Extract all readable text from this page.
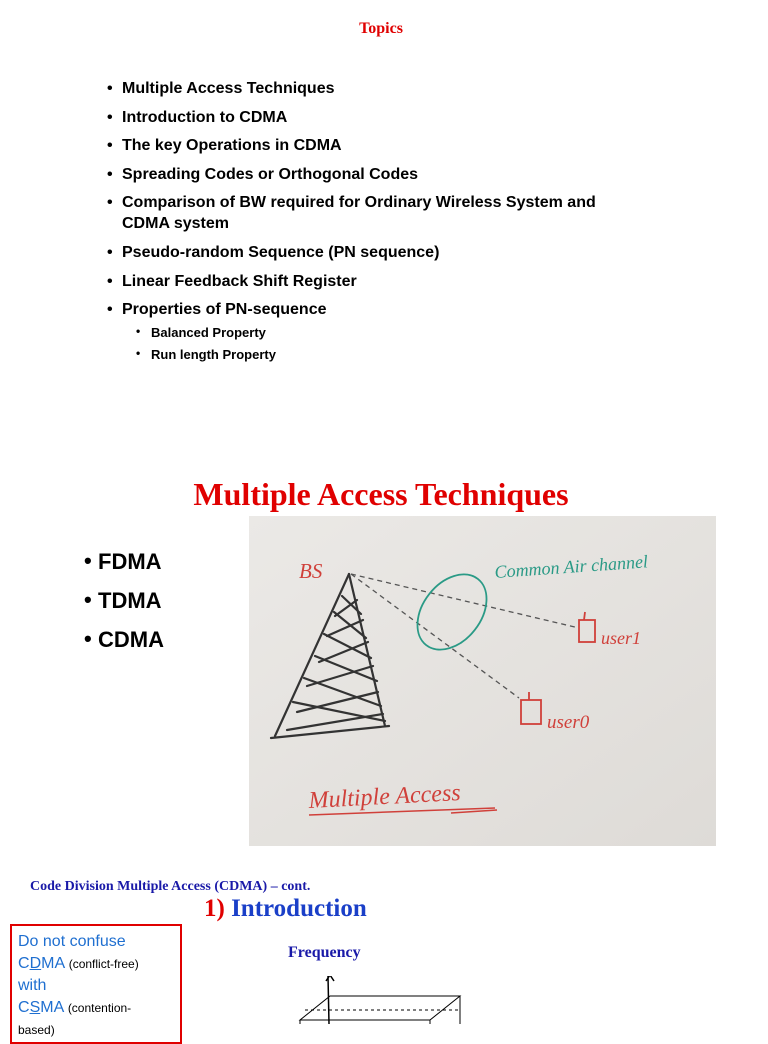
Topics
• Multiple Access Techniques
• Introduction to CDMA
• The key Operations in CDMA
• Spreading Codes or Orthogonal Codes
• Comparison of BW required for Ordinary Wireless System and CDMA system
• Pseudo-random Sequence (PN sequence)
• Linear Feedback Shift Register
• Properties of PN-sequence
• Balanced Property
• Run length Property
Multiple Access Techniques
• FDMA
• TDMA
• CDMA
BS	Common Air channel
user1
user0
Multiple Access
Code Division Multiple Access (CDMA) – cont.
1) Introduction
Do not confuse
CDMA (conflict-free)
with
CSMA (contention-
based)
Frequency
